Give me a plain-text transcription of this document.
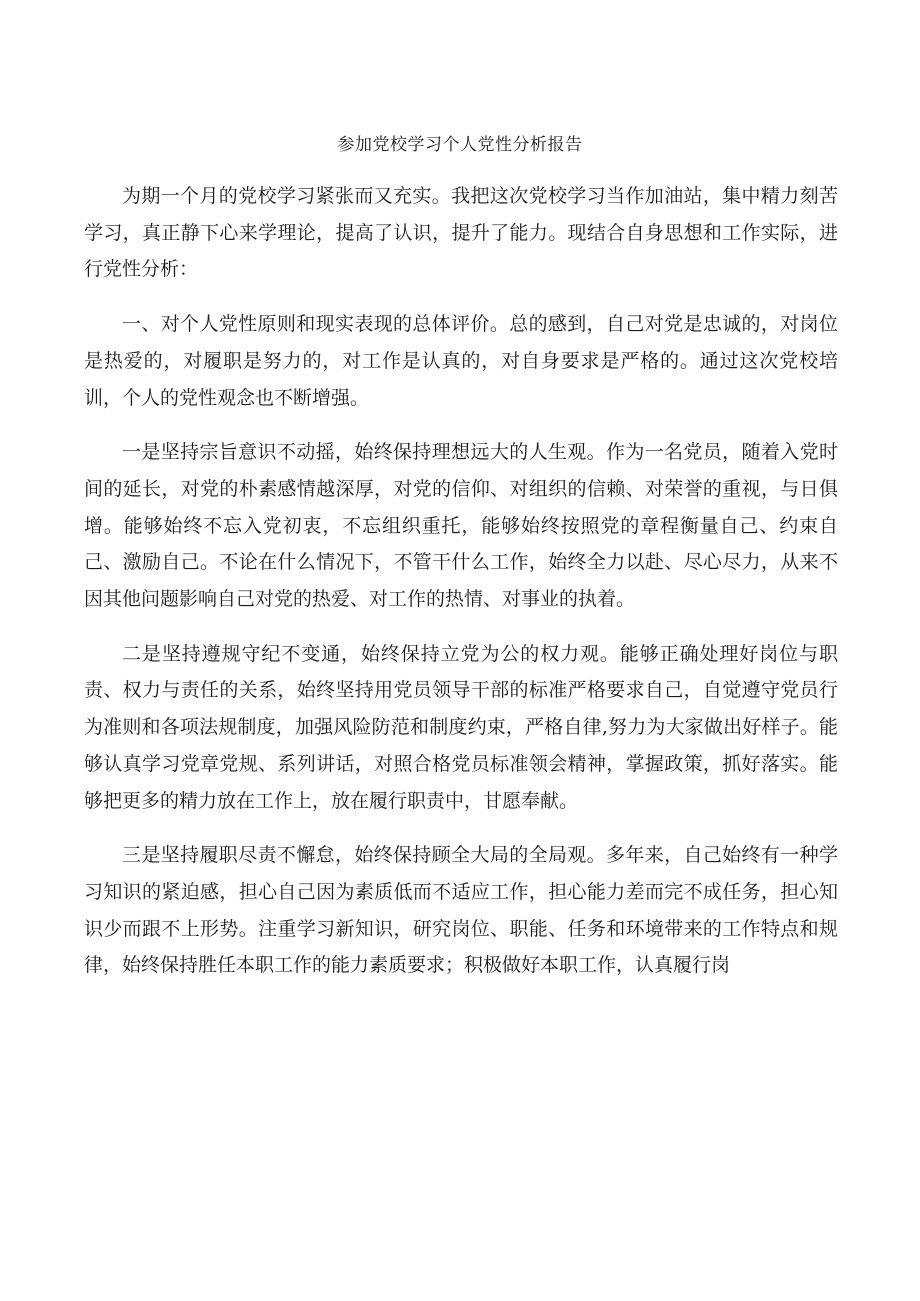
参加党校学习个人党性分析报告

为期一个月的党校学习紧张而又充实。我把这次党校学习当作加油站，集中精力刻苦学习，真正静下心来学理论，提高了认识，提升了能力。现结合自身思想和工作实际，进行党性分析：

一、对个人党性原则和现实表现的总体评价。总的感到，自己对党是忠诚的，对岗位是热爱的，对履职是努力的，对工作是认真的，对自身要求是严格的。通过这次党校培训，个人的党性观念也不断增强。

一是坚持宗旨意识不动摇，始终保持理想远大的人生观。作为一名党员，随着入党时间的延长，对党的朴素感情越深厚，对党的信仰、对组织的信赖、对荣誉的重视，与日俱增。能够始终不忘入党初衷，不忘组织重托，能够始终按照党的章程衡量自己、约束自己、激励自己。不论在什么情况下，不管干什么工作，始终全力以赴、尽心尽力，从来不因其他问题影响自己对党的热爱、对工作的热情、对事业的执着。

二是坚持遵规守纪不变通，始终保持立党为公的权力观。能够正确处理好岗位与职责、权力与责任的关系，始终坚持用党员领导干部的标准严格要求自己，自觉遵守党员行为准则和各项法规制度，加强风险防范和制度约束，严格自律,努力为大家做出好样子。能够认真学习党章党规、系列讲话，对照合格党员标准领会精神，掌握政策，抓好落实。能够把更多的精力放在工作上，放在履行职责中，甘愿奉献。

三是坚持履职尽责不懈怠，始终保持顾全大局的全局观。多年来，自己始终有一种学习知识的紧迫感，担心自己因为素质低而不适应工作，担心能力差而完不成任务，担心知识少而跟不上形势。注重学习新知识，研究岗位、职能、任务和环境带来的工作特点和规律，始终保持胜任本职工作的能力素质要求；积极做好本职工作，认真履行岗
